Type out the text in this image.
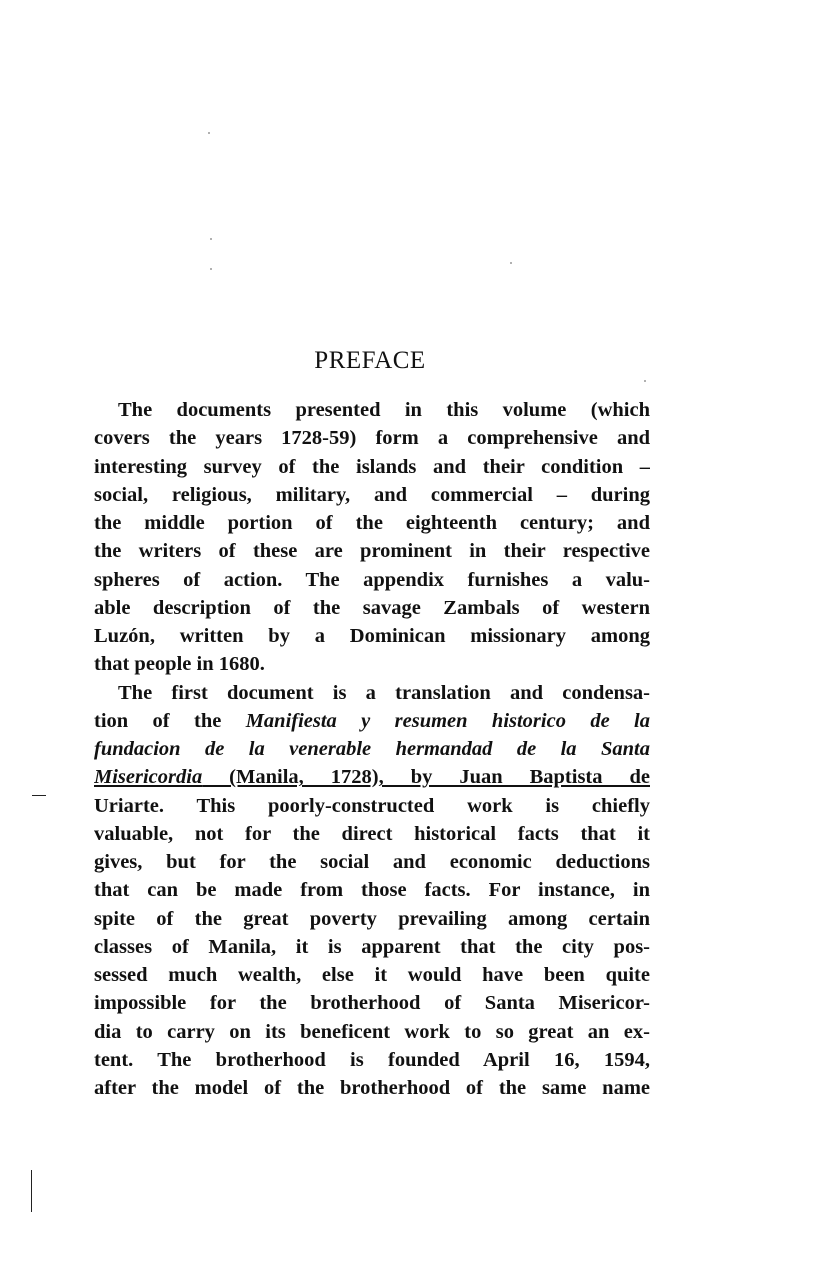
PREFACE
The documents presented in this volume (which
covers the years 1728-59) form a comprehensive and
interesting survey of the islands and their condition –
social, religious, military, and commercial – during
the middle portion of the eighteenth century; and
the writers of these are prominent in their respective
spheres of action. The appendix furnishes a valu-
able description of the savage Zambals of western
Luzón, written by a Dominican missionary among
that people in 1680.
The first document is a translation and condensa-
tion of the Manifiesta y resumen historico de la
fundacion de la venerable hermandad de la Santa
Misericordia (Manila, 1728), by Juan Baptista de
Uriarte. This poorly-constructed work is chiefly
valuable, not for the direct historical facts that it
gives, but for the social and economic deductions
that can be made from those facts. For instance, in
spite of the great poverty prevailing among certain
classes of Manila, it is apparent that the city pos-
sessed much wealth, else it would have been quite
impossible for the brotherhood of Santa Misericor-
dia to carry on its beneficent work to so great an ex-
tent. The brotherhood is founded April 16, 1594,
after the model of the brotherhood of the same name
